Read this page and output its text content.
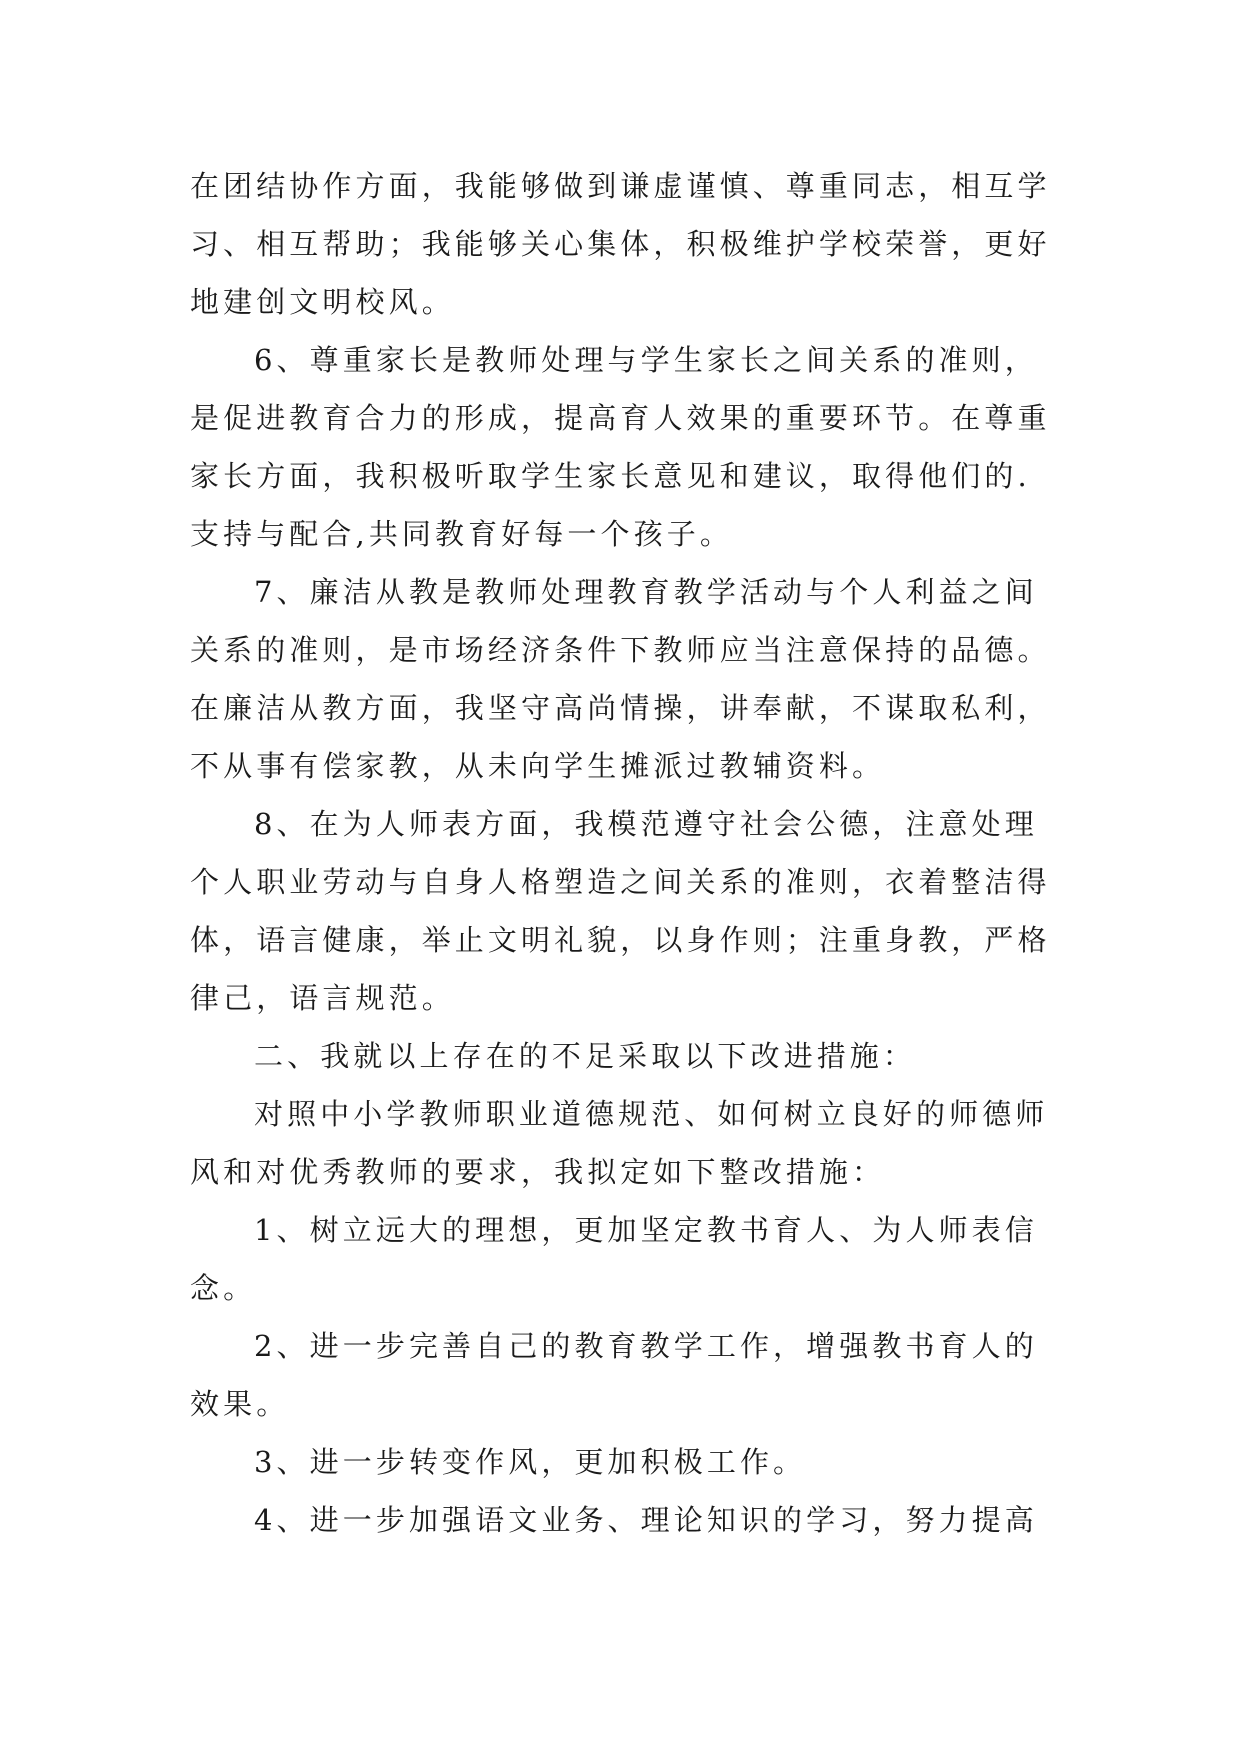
在团结协作方面，我能够做到谦虚谨慎、尊重同志，相互学
习、相互帮助；我能够关心集体，积极维护学校荣誉，更好
地建创文明校风。
6、尊重家长是教师处理与学生家长之间关系的准则，
是促进教育合力的形成，提高育人效果的重要环节。在尊重
家长方面，我积极听取学生家长意见和建议，取得他们的.
支持与配合,共同教育好每一个孩子。
7、廉洁从教是教师处理教育教学活动与个人利益之间
关系的准则，是市场经济条件下教师应当注意保持的品德。
在廉洁从教方面，我坚守高尚情操，讲奉献，不谋取私利，
不从事有偿家教，从未向学生摊派过教辅资料。
8、在为人师表方面，我模范遵守社会公德，注意处理
个人职业劳动与自身人格塑造之间关系的准则，衣着整洁得
体，语言健康，举止文明礼貌，以身作则；注重身教，严格
律己，语言规范。
二、我就以上存在的不足采取以下改进措施：
对照中小学教师职业道德规范、如何树立良好的师德师
风和对优秀教师的要求，我拟定如下整改措施：
1、树立远大的理想，更加坚定教书育人、为人师表信
念。
2、进一步完善自己的教育教学工作，增强教书育人的
效果。
3、进一步转变作风，更加积极工作。
4、进一步加强语文业务、理论知识的学习，努力提高
